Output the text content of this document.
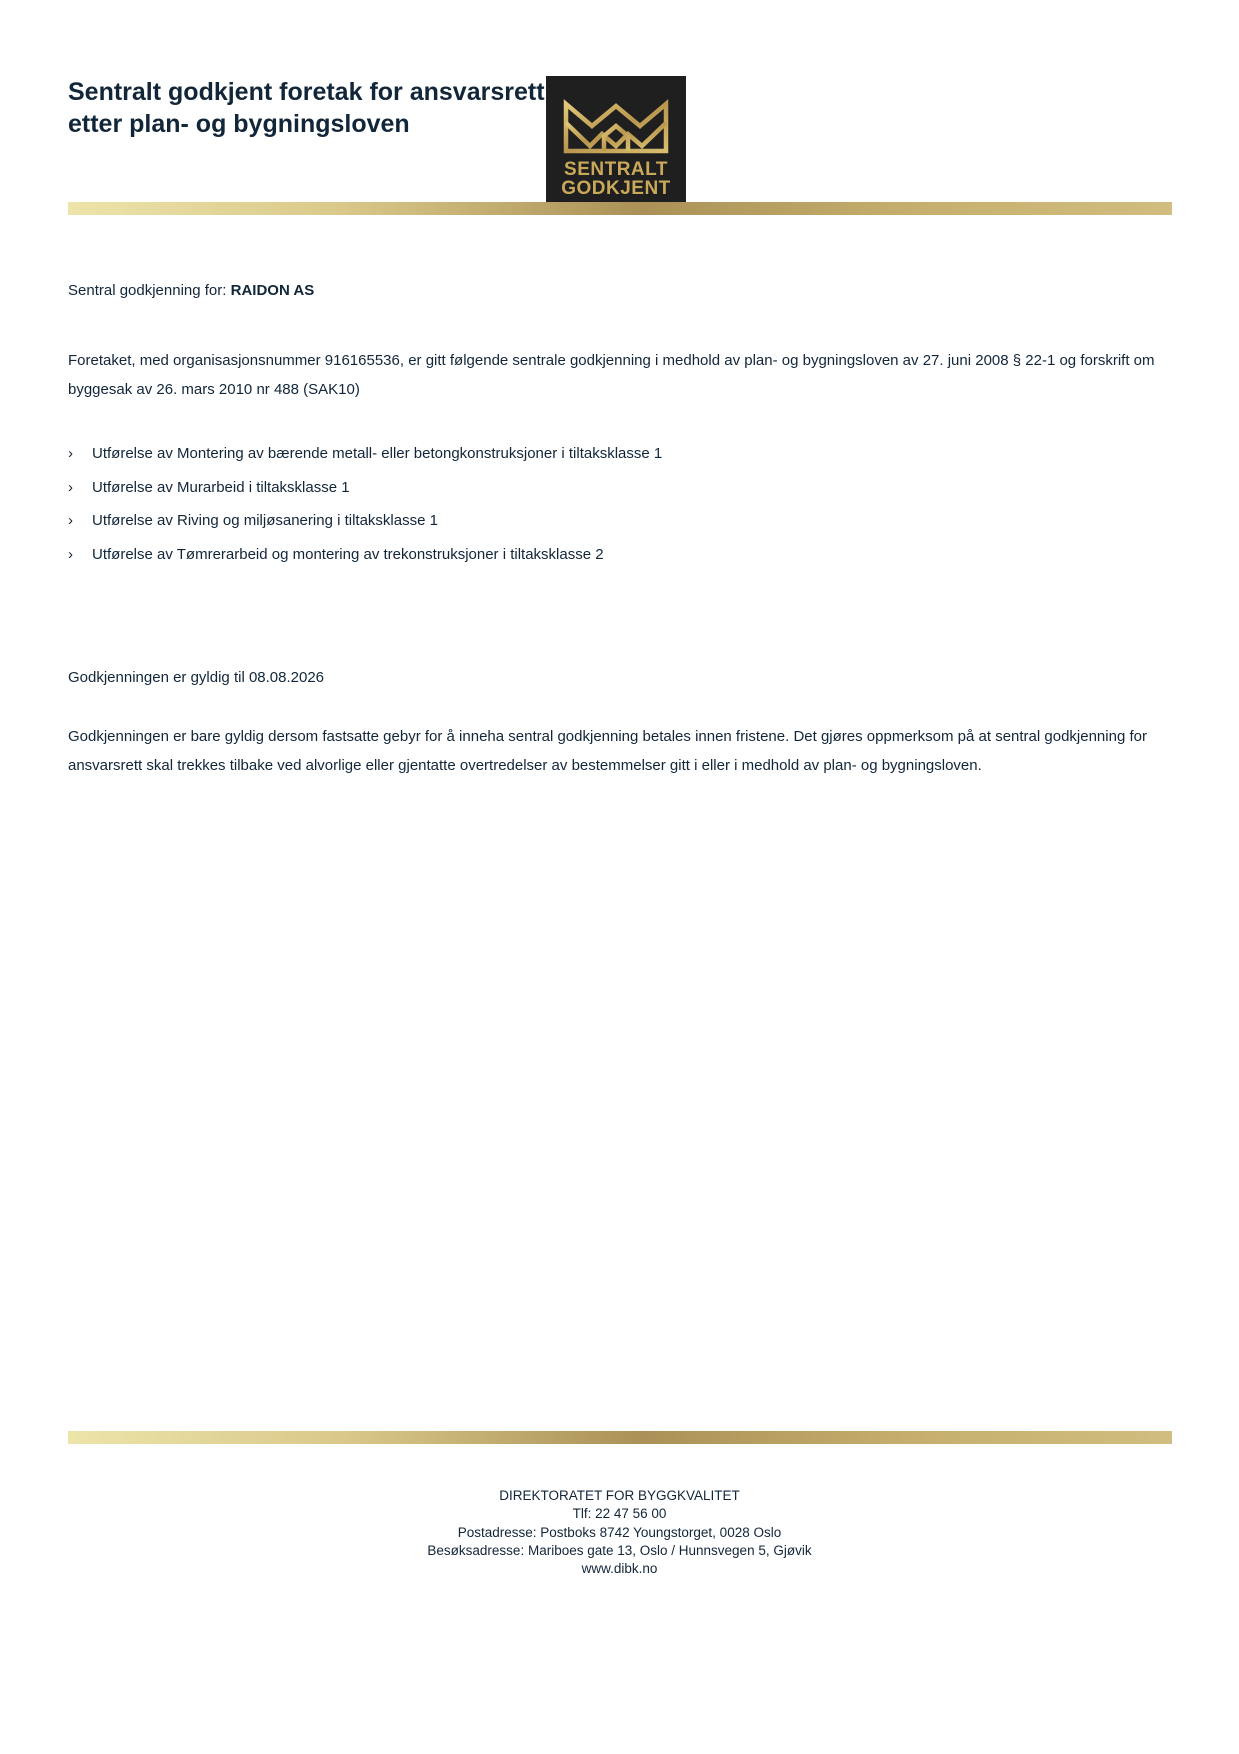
Sentralt godkjent foretak for ansvarsrett
etter plan- og bygningsloven
SENTRALT
GODKJENT
Sentral godkjenning for: RAIDON AS
Foretaket, med organisasjonsnummer 916165536, er gitt følgende sentrale godkjenning i medhold av plan- og bygningsloven av 27. juni 2008 § 22-1 og forskrift om byggesak av 26. mars 2010 nr 488 (SAK10)
› Utførelse av Montering av bærende metall- eller betongkonstruksjoner i tiltaksklasse 1
› Utførelse av Murarbeid i tiltaksklasse 1
› Utførelse av Riving og miljøsanering i tiltaksklasse 1
› Utførelse av Tømrerarbeid og montering av trekonstruksjoner i tiltaksklasse 2
Godkjenningen er gyldig til 08.08.2026
Godkjenningen er bare gyldig dersom fastsatte gebyr for å inneha sentral godkjenning betales innen fristene. Det gjøres oppmerksom på at sentral godkjenning for ansvarsrett skal trekkes tilbake ved alvorlige eller gjentatte overtredelser av bestemmelser gitt i eller i medhold av plan- og bygningsloven.
DIREKTORATET FOR BYGGKVALITET
Tlf: 22 47 56 00
Postadresse: Postboks 8742 Youngstorget, 0028 Oslo
Besøksadresse: Mariboes gate 13, Oslo / Hunnsvegen 5, Gjøvik
www.dibk.no
